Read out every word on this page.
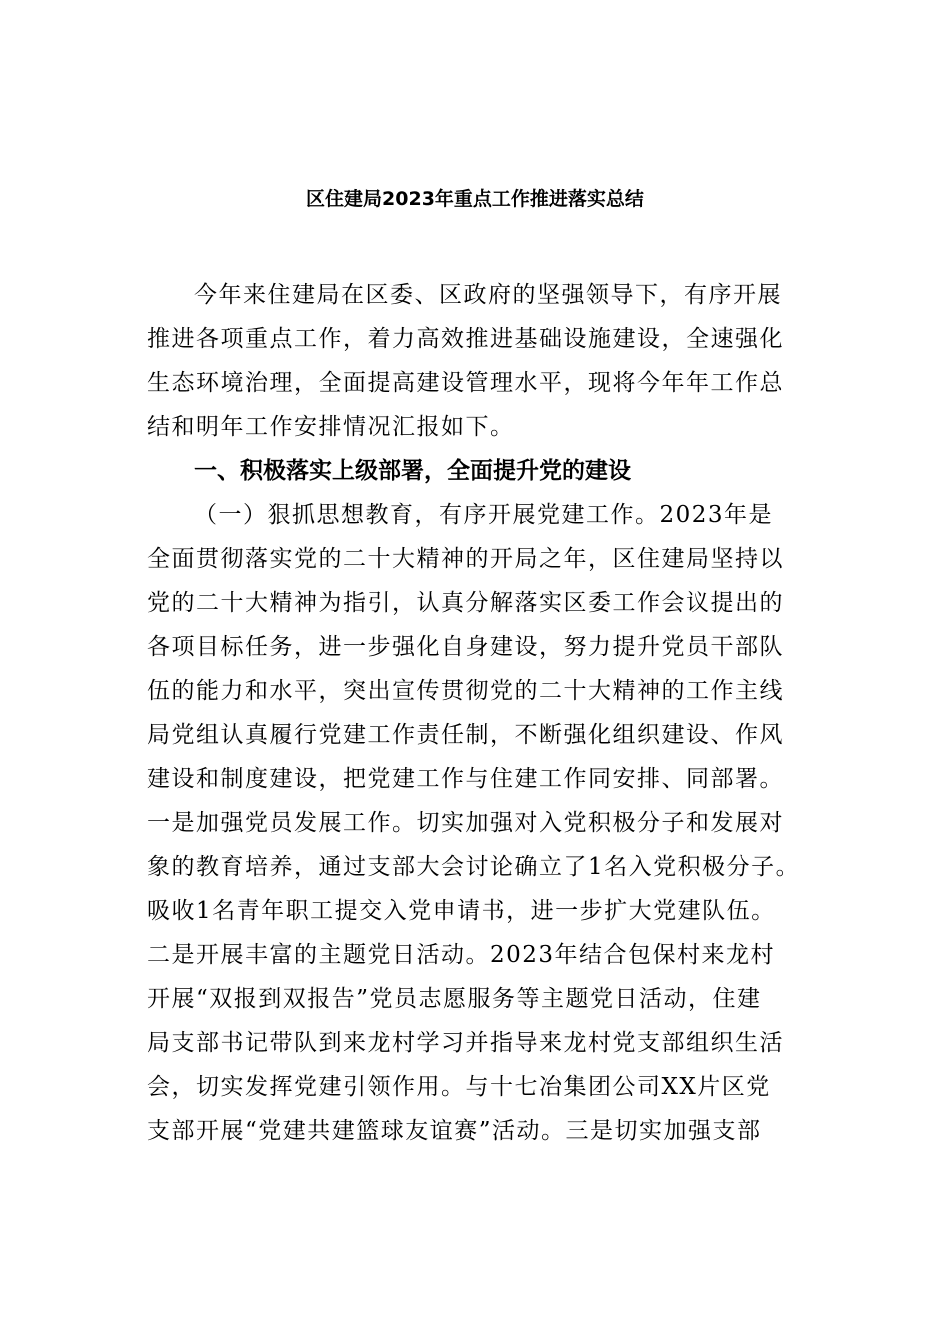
区住建局2023年重点工作推进落实总结
今年来住建局在区委、区政府的坚强领导下，有序开展
推进各项重点工作，着力高效推进基础设施建设，全速强化
生态环境治理，全面提高建设管理水平，现将今年年工作总
结和明年工作安排情况汇报如下。
一、积极落实上级部署，全面提升党的建设
（一）狠抓思想教育，有序开展党建工作。2023年是
全面贯彻落实党的二十大精神的开局之年，区住建局坚持以
党的二十大精神为指引，认真分解落实区委工作会议提出的
各项目标任务，进一步强化自身建设，努力提升党员干部队
伍的能力和水平，突出宣传贯彻党的二十大精神的工作主线
局党组认真履行党建工作责任制，不断强化组织建设、作风
建设和制度建设，把党建工作与住建工作同安排、同部署。
一是加强党员发展工作。切实加强对入党积极分子和发展对
象的教育培养，通过支部大会讨论确立了1名入党积极分子。
吸收1名青年职工提交入党申请书，进一步扩大党建队伍。
二是开展丰富的主题党日活动。2023年结合包保村来龙村
开展“双报到双报告”党员志愿服务等主题党日活动，住建
局支部书记带队到来龙村学习并指导来龙村党支部组织生活
会，切实发挥党建引领作用。与十七冶集团公司XX片区党
支部开展“党建共建篮球友谊赛”活动。三是切实加强支部
